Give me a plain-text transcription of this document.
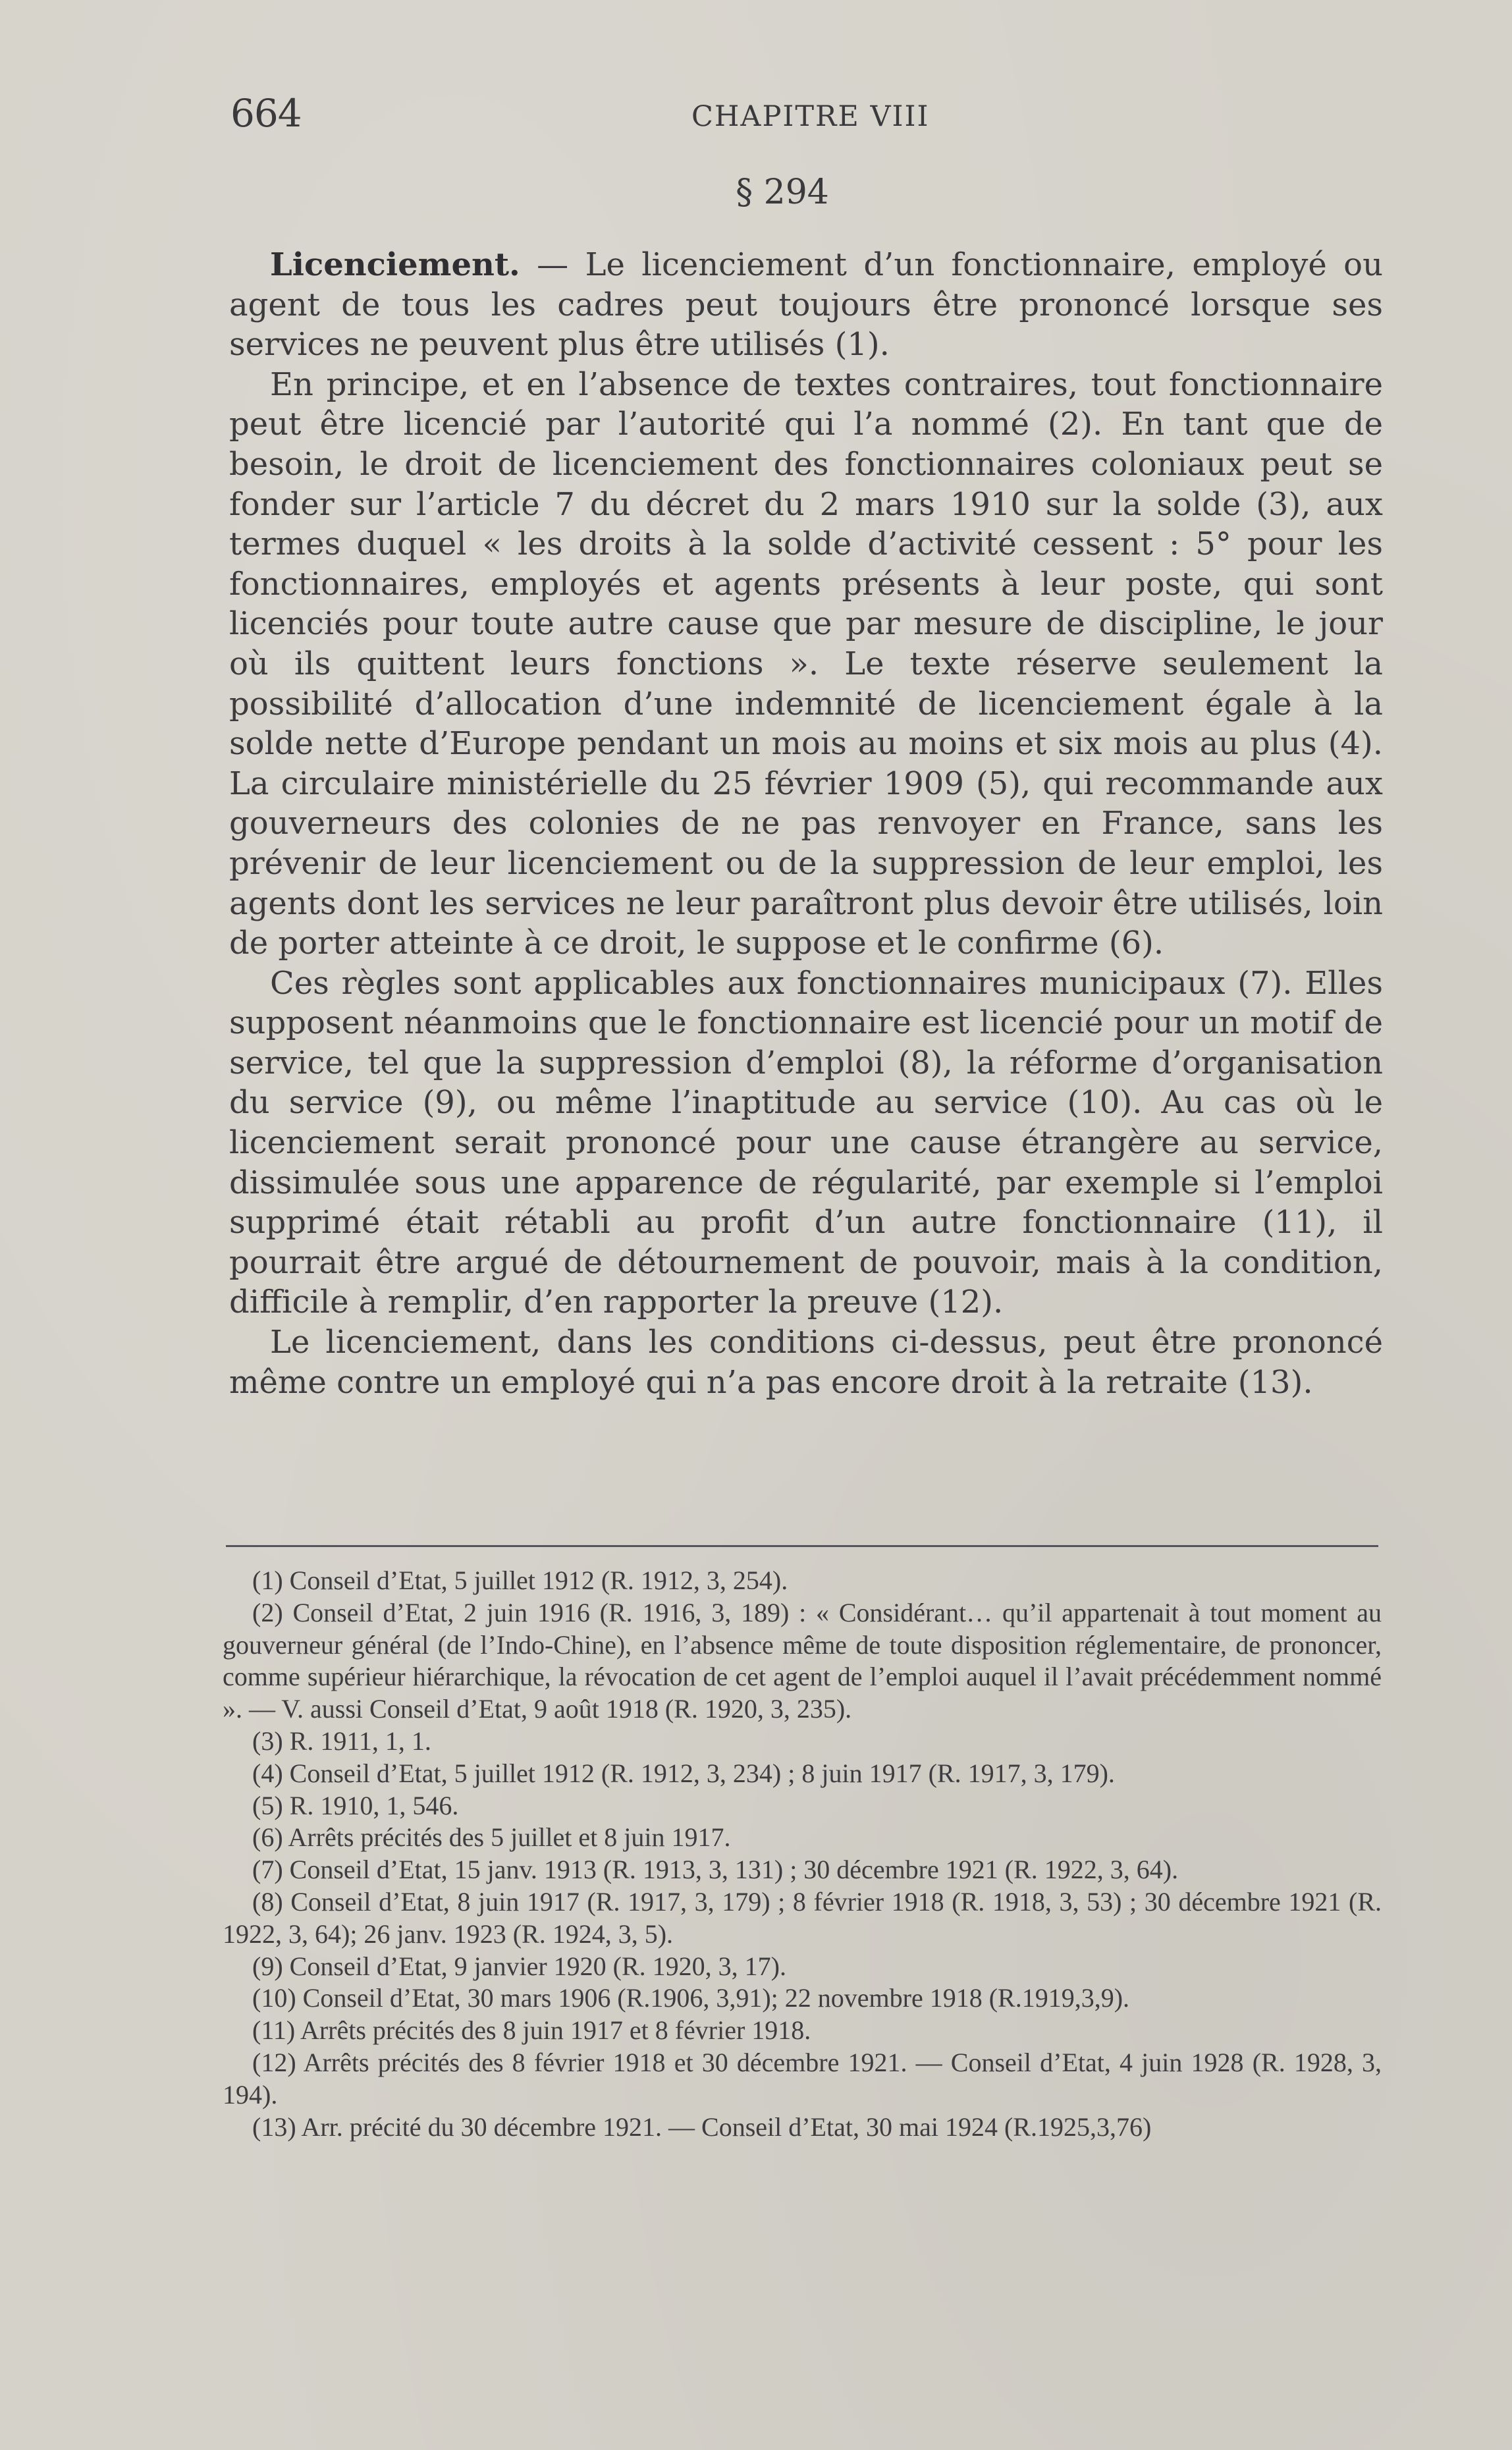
664	CHAPITRE VIII
§ 294

Licenciement. — Le licenciement d’un fonctionnaire, employé ou agent de tous les cadres peut toujours être prononcé lorsque ses services ne peuvent plus être utilisés (1).

En principe, et en l’absence de textes contraires, tout fonctionnaire peut être licencié par l’autorité qui l’a nommé (2). En tant que de besoin, le droit de licenciement des fonctionnaires coloniaux peut se fonder sur l’article 7 du décret du 2 mars 1910 sur la solde (3), aux termes duquel « les droits à la solde d’activité cessent : 5° pour les fonctionnaires, employés et agents présents à leur poste, qui sont licenciés pour toute autre cause que par mesure de discipline, le jour où ils quittent leurs fonctions ». Le texte réserve seulement la possibilité d’allocation d’une indemnité de licenciement égale à la solde nette d’Europe pendant un mois au moins et six mois au plus (4). La circulaire ministérielle du 25 février 1909 (5), qui recommande aux gouverneurs des colonies de ne pas renvoyer en France, sans les prévenir de leur licenciement ou de la suppression de leur emploi, les agents dont les services ne leur paraîtront plus devoir être utilisés, loin de porter atteinte à ce droit, le suppose et le confirme (6).

Ces règles sont applicables aux fonctionnaires municipaux (7). Elles supposent néanmoins que le fonctionnaire est licencié pour un motif de service, tel que la suppression d’emploi (8), la réforme d’organisation du service (9), ou même l’inaptitude au service (10). Au cas où le licenciement serait prononcé pour une cause étrangère au service, dissimulée sous une apparence de régularité, par exemple si l’emploi supprimé était rétabli au profit d’un autre fonctionnaire (11), il pourrait être argué de détournement de pouvoir, mais à la condition, difficile à remplir, d’en rapporter la preuve (12).

Le licenciement, dans les conditions ci-dessus, peut être prononcé même contre un employé qui n’a pas encore droit à la retraite (13).

(1) Conseil d’Etat, 5 juillet 1912 (R. 1912, 3, 254).

(2) Conseil d’Etat, 2 juin 1916 (R. 1916, 3, 189) : « Considérant… qu’il appartenait à tout moment au gouverneur général (de l’Indo-Chine), en l’absence même de toute disposition réglementaire, de prononcer, comme supérieur hiérarchique, la révocation de cet agent de l’emploi auquel il l’avait précédemment nommé ». — V. aussi Conseil d’Etat, 9 août 1918 (R. 1920, 3, 235).

(3) R. 1911, 1, 1.

(4) Conseil d’Etat, 5 juillet 1912 (R. 1912, 3, 234) ; 8 juin 1917 (R. 1917, 3, 179).

(5) R. 1910, 1, 546.

(6) Arrêts précités des 5 juillet et 8 juin 1917.

(7) Conseil d’Etat, 15 janv. 1913 (R. 1913, 3, 131) ; 30 décembre 1921 (R. 1922, 3, 64).

(8) Conseil d’Etat, 8 juin 1917 (R. 1917, 3, 179) ; 8 février 1918 (R. 1918, 3, 53) ; 30 décembre 1921 (R. 1922, 3, 64); 26 janv. 1923 (R. 1924, 3, 5).

(9) Conseil d’Etat, 9 janvier 1920 (R. 1920, 3, 17).

(10) Conseil d’Etat, 30 mars 1906 (R.1906, 3,91); 22 novembre 1918 (R.1919,3,9).

(11) Arrêts précités des 8 juin 1917 et 8 février 1918.

(12) Arrêts précités des 8 février 1918 et 30 décembre 1921. — Conseil d’Etat, 4 juin 1928 (R. 1928, 3, 194).

(13) Arr. précité du 30 décembre 1921. — Conseil d’Etat, 30 mai 1924 (R.1925,3,76)
